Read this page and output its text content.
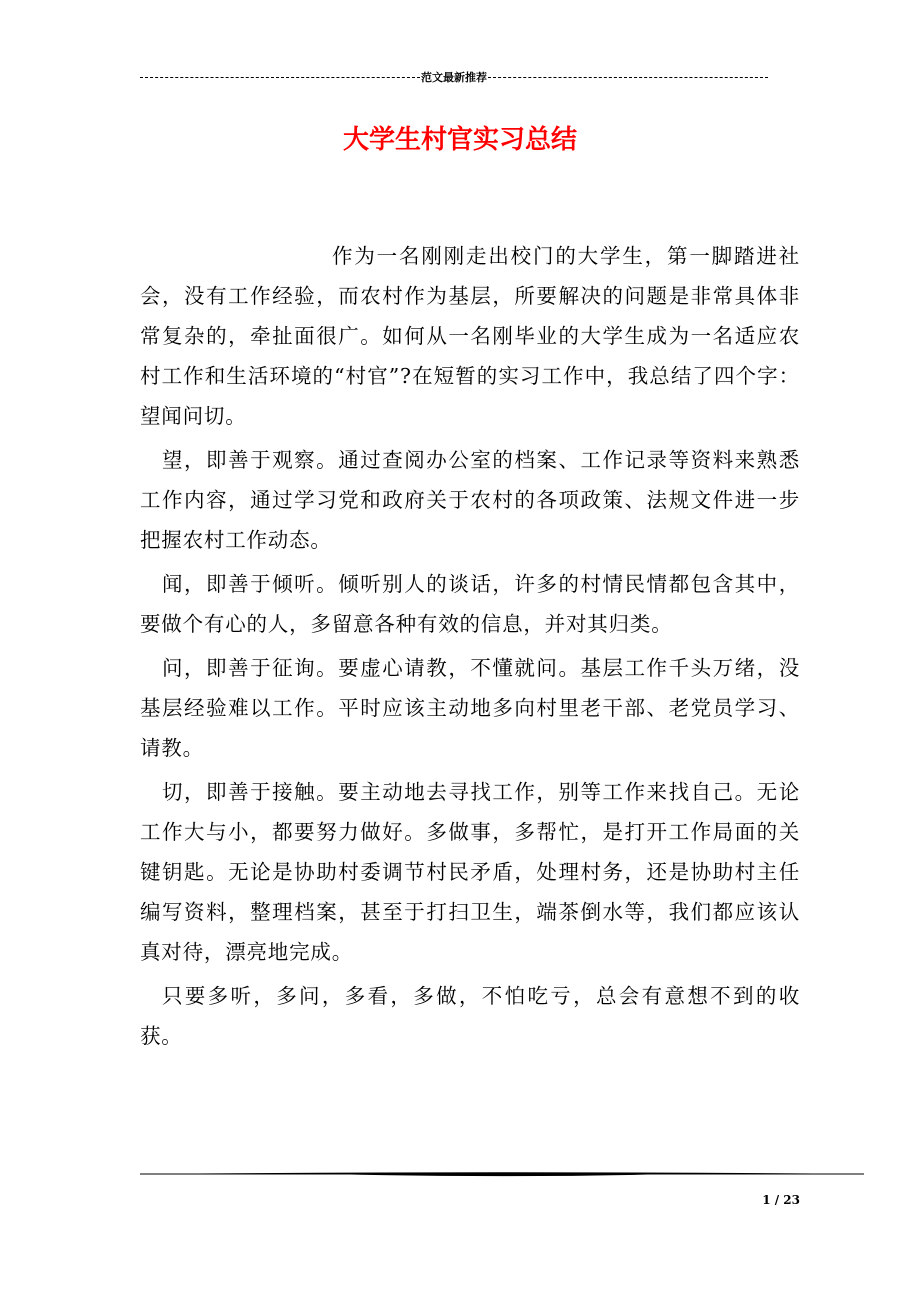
范文最新推荐
大学生村官实习总结

作为一名刚刚走出校门的大学生，第一脚踏进社会，没有工作经验，而农村作为基层，所要解决的问题是非常具体非常复杂的，牵扯面很广。如何从一名刚毕业的大学生成为一名适应农村工作和生活环境的“村官”?在短暂的实习工作中，我总结了四个字：望闻问切。

望，即善于观察。通过查阅办公室的档案、工作记录等资料来熟悉工作内容，通过学习党和政府关于农村的各项政策、法规文件进一步把握农村工作动态。

闻，即善于倾听。倾听别人的谈话，许多的村情民情都包含其中，要做个有心的人，多留意各种有效的信息，并对其归类。

问，即善于征询。要虚心请教，不懂就问。基层工作千头万绪，没基层经验难以工作。平时应该主动地多向村里老干部、老党员学习、请教。

切，即善于接触。要主动地去寻找工作，别等工作来找自己。无论工作大与小，都要努力做好。多做事，多帮忙，是打开工作局面的关键钥匙。无论是协助村委调节村民矛盾，处理村务，还是协助村主任编写资料，整理档案，甚至于打扫卫生，端茶倒水等，我们都应该认真对待，漂亮地完成。

只要多听，多问，多看，多做，不怕吃亏，总会有意想不到的收获。

1 / 23
